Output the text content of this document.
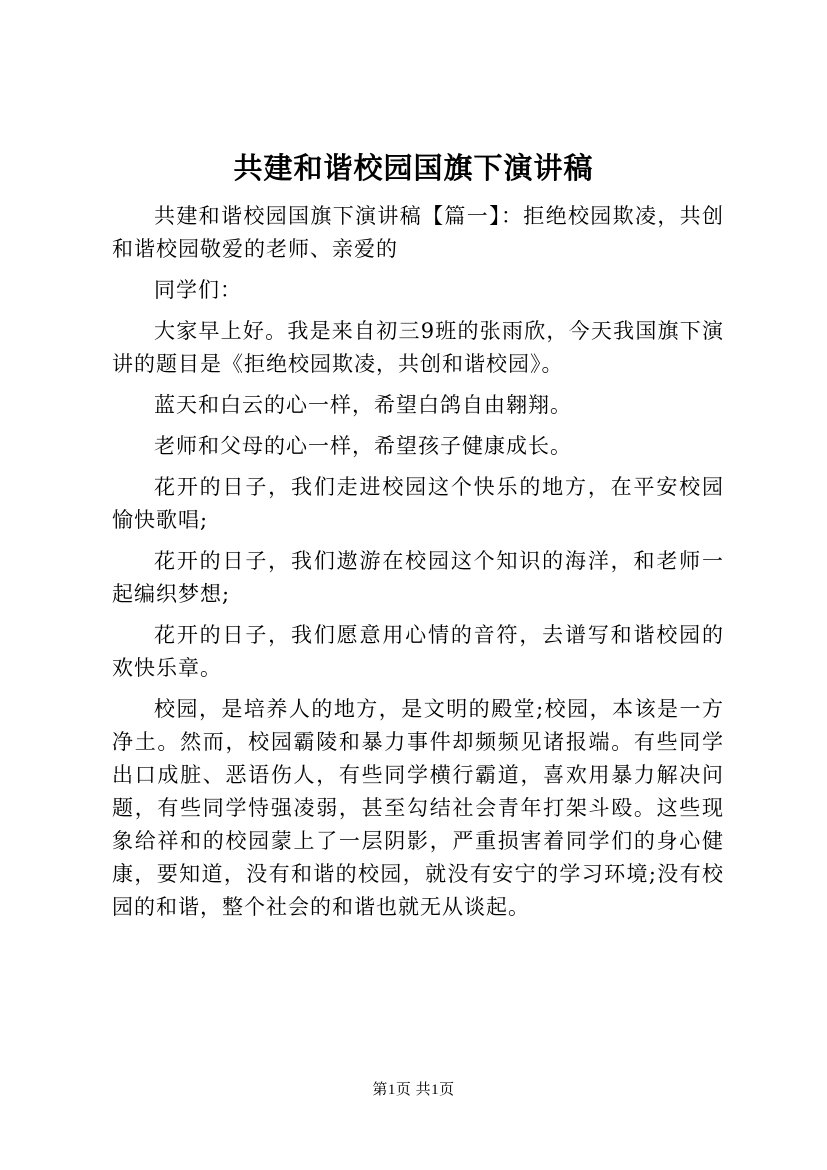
共建和谐校园国旗下演讲稿

共建和谐校园国旗下演讲稿【篇一】：拒绝校园欺凌，共创和谐校园敬爱的老师、亲爱的

同学们：

大家早上好。我是来自初三9班的张雨欣，今天我国旗下演讲的题目是《拒绝校园欺凌，共创和谐校园》。

蓝天和白云的心一样，希望白鸽自由翱翔。

老师和父母的心一样，希望孩子健康成长。

花开的日子，我们走进校园这个快乐的地方，在平安校园愉快歌唱;

花开的日子，我们遨游在校园这个知识的海洋，和老师一起编织梦想;

花开的日子，我们愿意用心情的音符，去谱写和谐校园的欢快乐章。

校园，是培养人的地方，是文明的殿堂;校园，本该是一方净土。然而，校园霸陵和暴力事件却频频见诸报端。有些同学出口成脏、恶语伤人，有些同学横行霸道，喜欢用暴力解决问题，有些同学恃强凌弱，甚至勾结社会青年打架斗殴。这些现象给祥和的校园蒙上了一层阴影，严重损害着同学们的身心健康，要知道，没有和谐的校园，就没有安宁的学习环境;没有校园的和谐，整个社会的和谐也就无从谈起。

第1页 共1页
